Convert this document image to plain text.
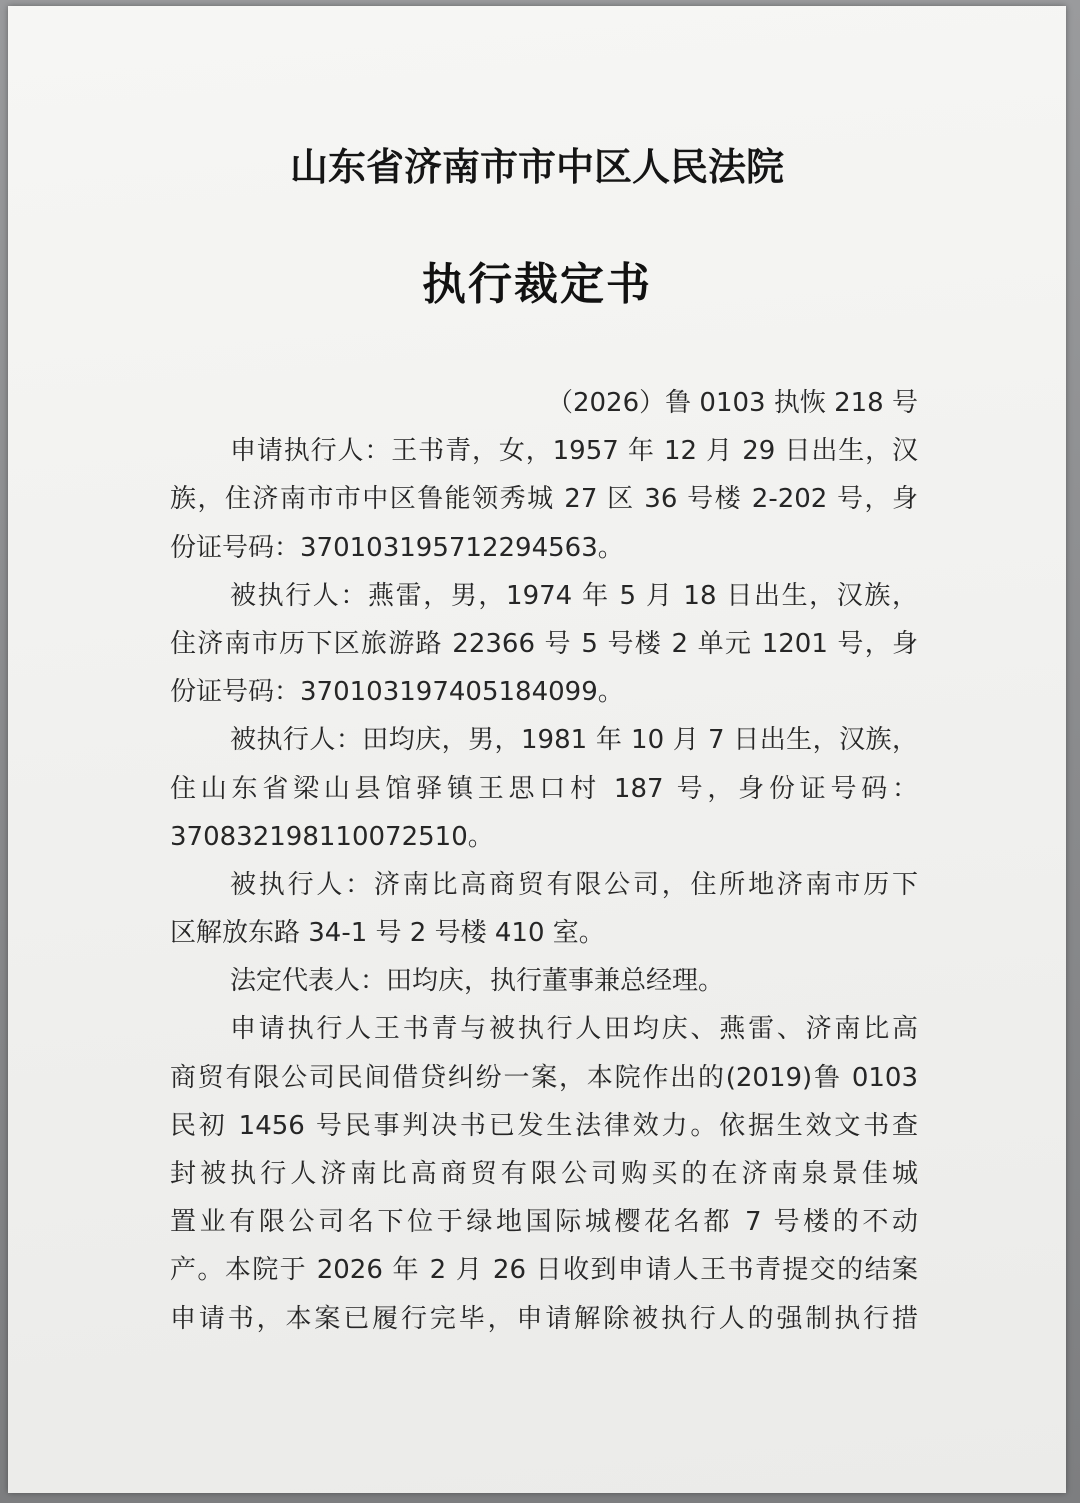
山东省济南市市中区人民法院
执行裁定书

（2026）鲁 0103 执恢 218 号

申请执行人：王书青，女，1957 年 12 月 29 日出生，汉

族，住济南市市中区鲁能领秀城 27 区 36 号楼 2-202 号，身

份证号码：370103195712294563。

被执行人：燕雷，男，1974 年 5 月 18 日出生，汉族，

住济南市历下区旅游路 22366 号 5 号楼 2 单元 1201 号，身

份证号码：370103197405184099。

被执行人：田均庆，男，1981 年 10 月 7 日出生，汉族，

住山东省梁山县馆驿镇王思口村 187 号，身份证号码：

370832198110072510。

被执行人：济南比高商贸有限公司，住所地济南市历下

区解放东路 34-1 号 2 号楼 410 室。

法定代表人：田均庆，执行董事兼总经理。

申请执行人王书青与被执行人田均庆、燕雷、济南比高

商贸有限公司民间借贷纠纷一案，本院作出的(2019)鲁 0103

民初 1456 号民事判决书已发生法律效力。依据生效文书查

封被执行人济南比高商贸有限公司购买的在济南泉景佳城

置业有限公司名下位于绿地国际城樱花名都 7 号楼的不动

产。本院于 2026 年 2 月 26 日收到申请人王书青提交的结案

申请书，本案已履行完毕，申请解除被执行人的强制执行措
